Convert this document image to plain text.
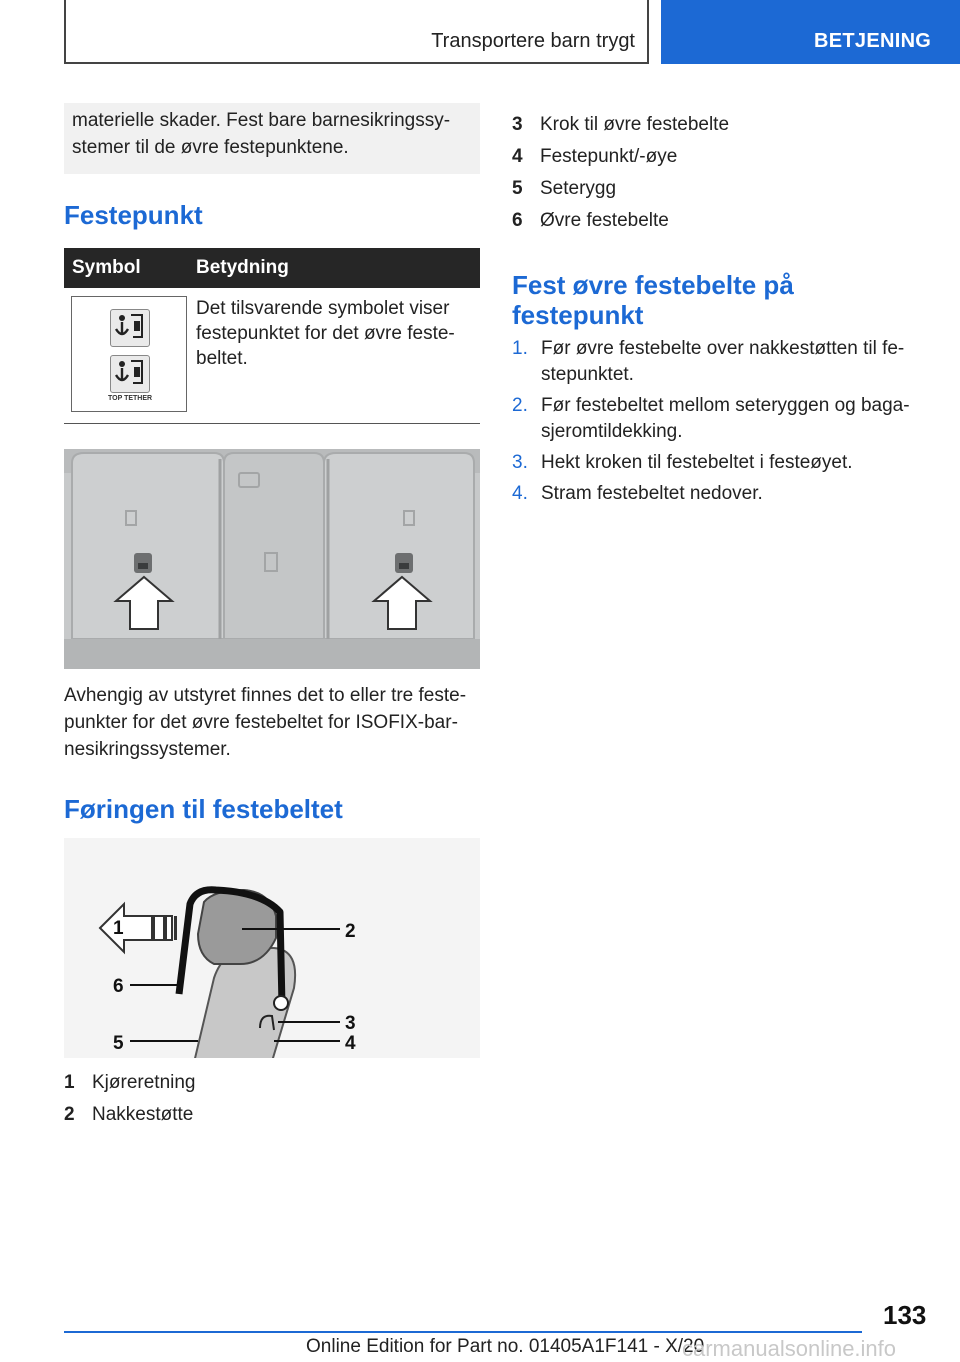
Transportere barn trygt	BETJENING
materielle skader. Fest bare barnesikringssystemer til de øvre festepunktene.
Festepunkt
Symbol	Betydning
TOP TETHER
Det tilsvarende symbolet viser festepunktet for det øvre festebeltet.
Avhengig av utstyret finnes det to eller tre festepunkter for det øvre festebeltet for ISOFIX-barnesikringssystemer.
Føringen til festebeltet
1	2
3
4
5
6
1 Kjøreretning
2 Nakkestøtte
3 Krok til øvre festebelte
4 Festepunkt/-øye
5 Seterygg
6 Øvre festebelte
Fest øvre festebelte på
festepunkt
1. Før øvre festebelte over nakkestøtten til festepunktet.
2. Før festebeltet mellom seteryggen og bagasjeromtildekking.
3. Hekt kroken til festebeltet i festeøyet.
4. Stram festebeltet nedover.
133
Online Edition for Part no. 01405A1F141 - X/20
carmanualsonline.info
